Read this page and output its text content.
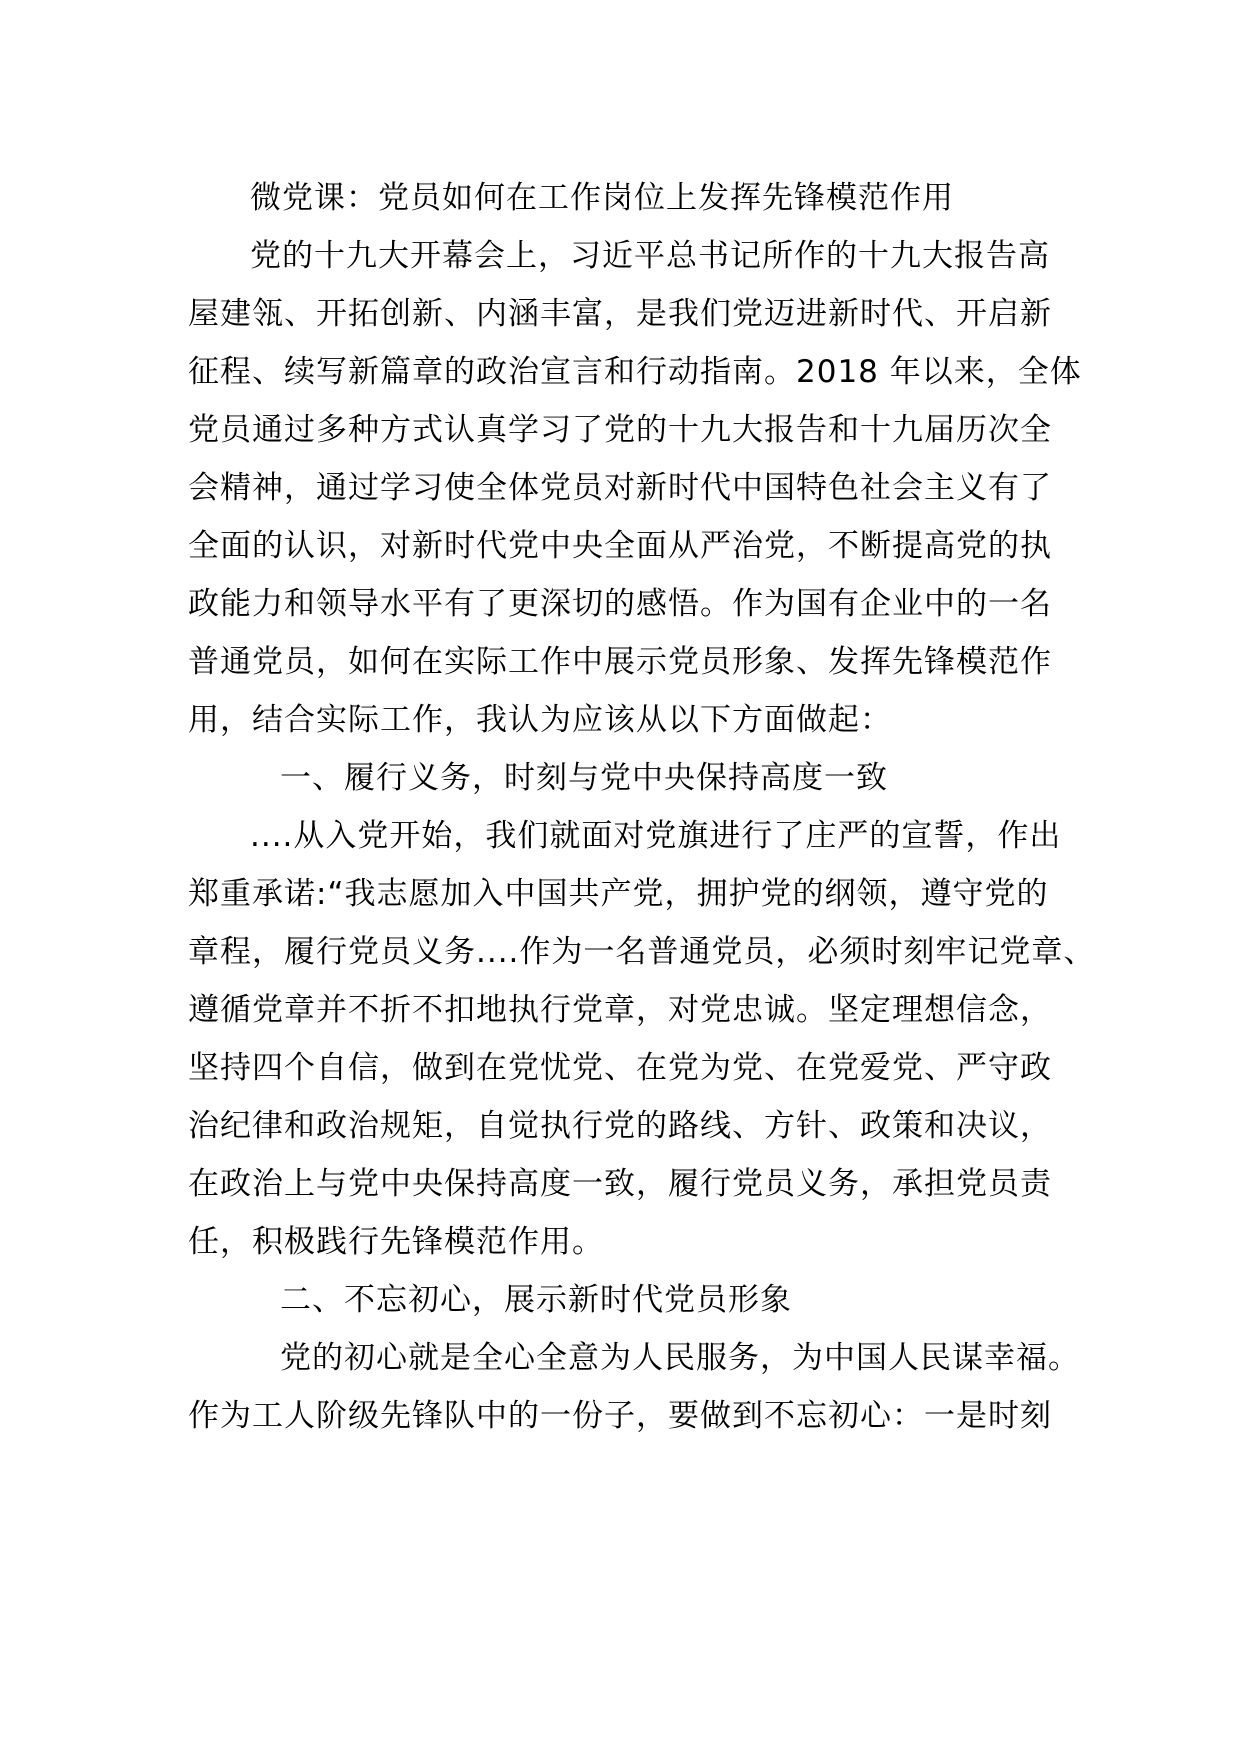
微党课：党员如何在工作岗位上发挥先锋模范作用
党的十九大开幕会上，习近平总书记所作的十九大报告高
屋建瓴、开拓创新、内涵丰富，是我们党迈进新时代、开启新
征程、续写新篇章的政治宣言和行动指南。2018 年以来，全体
党员通过多种方式认真学习了党的十九大报告和十九届历次全
会精神，通过学习使全体党员对新时代中国特色社会主义有了
全面的认识，对新时代党中央全面从严治党，不断提高党的执
政能力和领导水平有了更深切的感悟。作为国有企业中的一名
普通党员，如何在实际工作中展示党员形象、发挥先锋模范作
用，结合实际工作，我认为应该从以下方面做起：
一、履行义务，时刻与党中央保持高度一致
....从入党开始，我们就面对党旗进行了庄严的宣誓，作出
郑重承诺:“我志愿加入中国共产党，拥护党的纲领，遵守党的
章程，履行党员义务....作为一名普通党员，必须时刻牢记党章、
遵循党章并不折不扣地执行党章，对党忠诚。坚定理想信念，
坚持四个自信，做到在党忧党、在党为党、在党爱党、严守政
治纪律和政治规矩，自觉执行党的路线、方针、政策和决议，
在政治上与党中央保持高度一致，履行党员义务，承担党员责
任，积极践行先锋模范作用。
二、不忘初心，展示新时代党员形象
党的初心就是全心全意为人民服务，为中国人民谋幸福。
作为工人阶级先锋队中的一份子，要做到不忘初心：一是时刻
